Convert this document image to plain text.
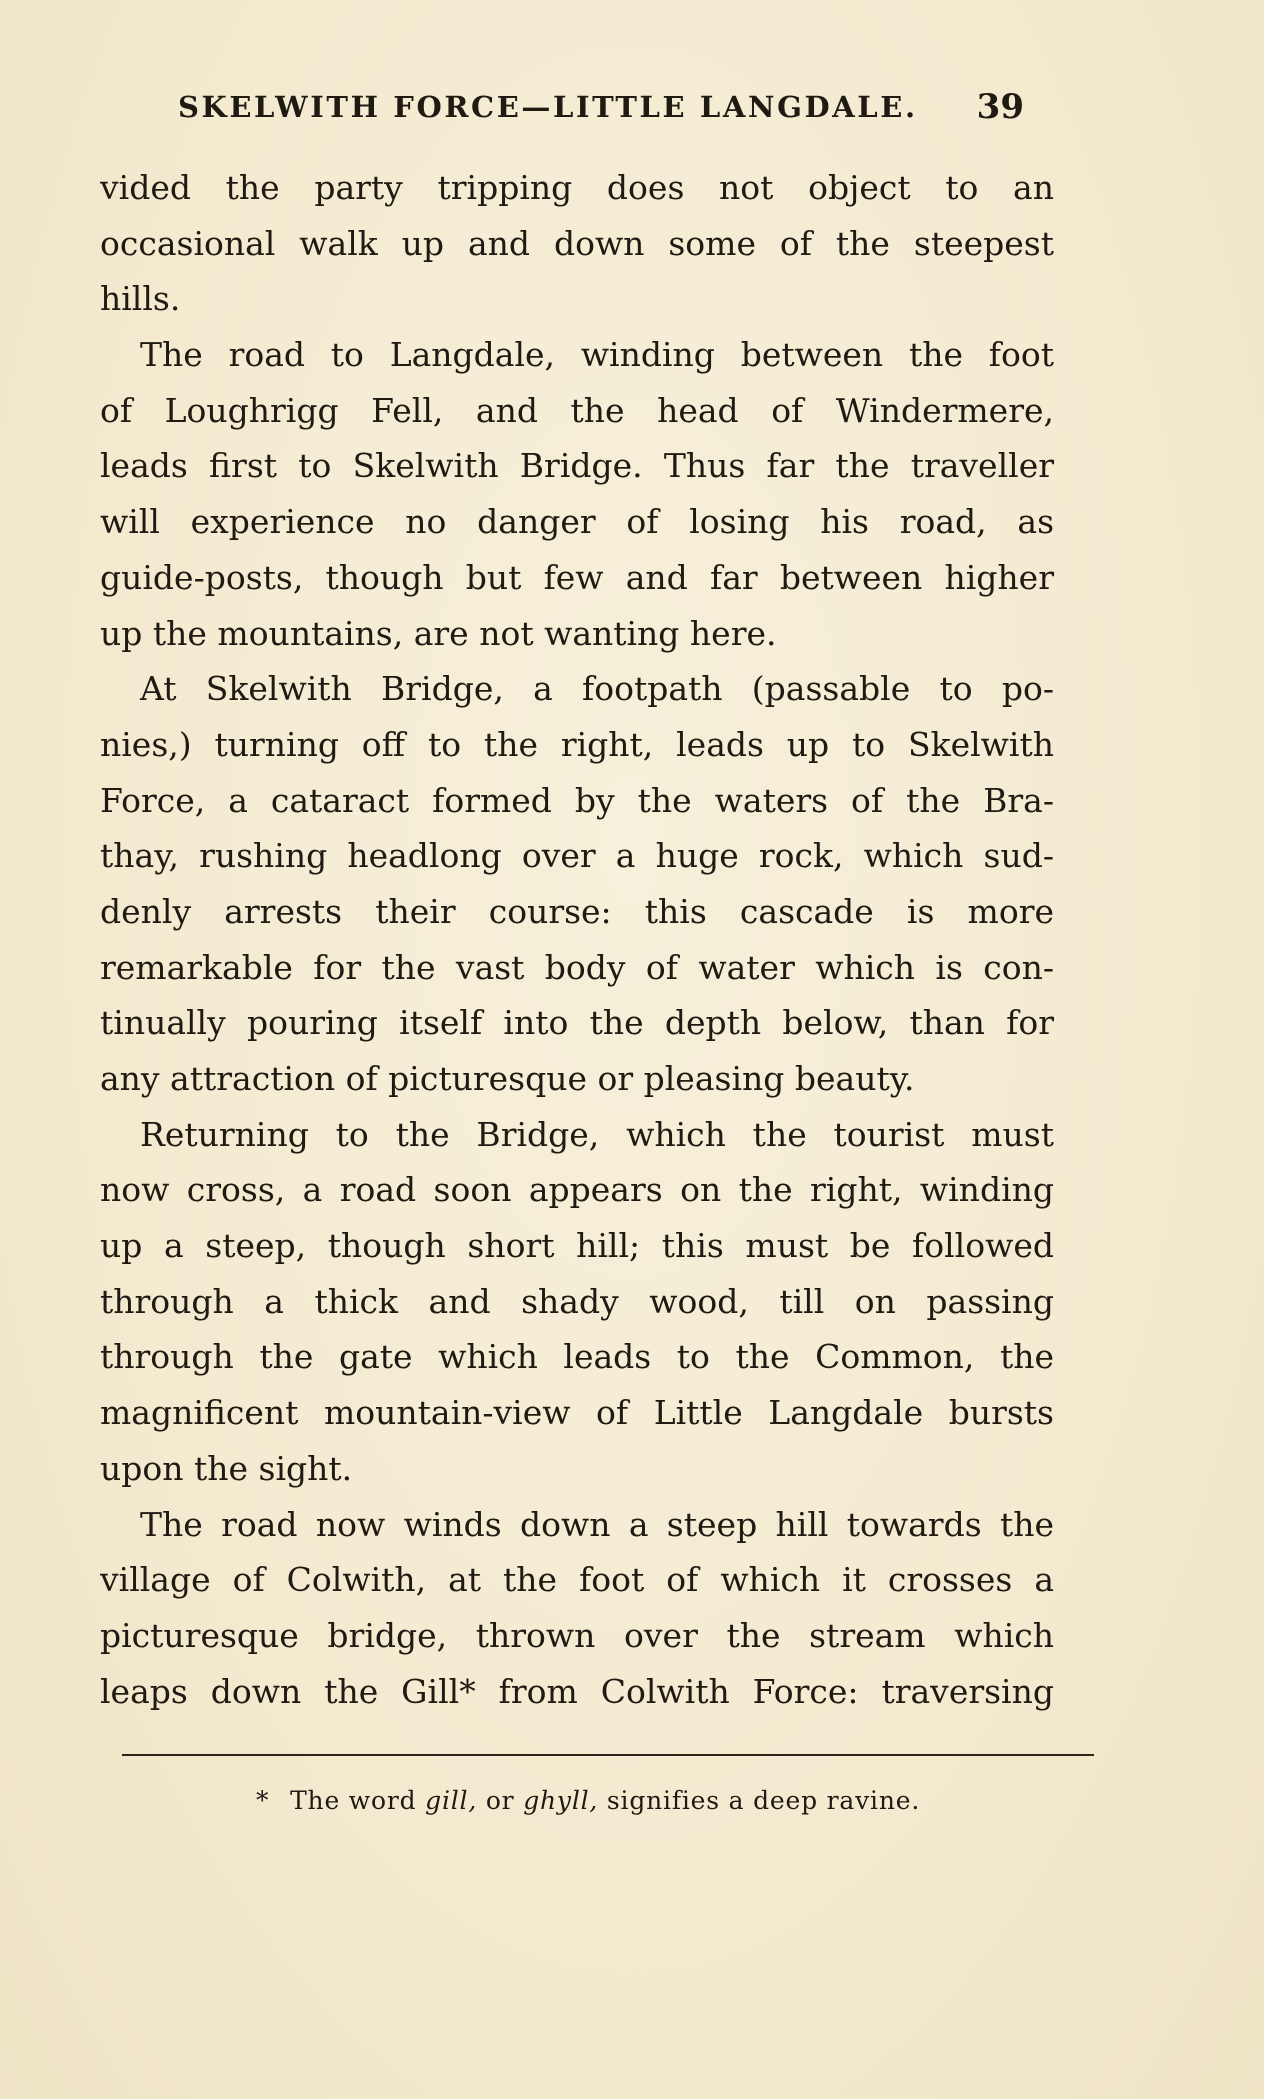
SKELWITH FORCE—LITTLE LANGDALE. 39
vided the party tripping does not object to an
occasional walk up and down some of the steepest
hills.
The road to Langdale, winding between the foot
of Loughrigg Fell, and the head of Windermere,
leads first to Skelwith Bridge. Thus far the traveller
will experience no danger of losing his road, as
guide-posts, though but few and far between higher
up the mountains, are not wanting here.
At Skelwith Bridge, a footpath (passable to po-
nies,) turning off to the right, leads up to Skelwith
Force, a cataract formed by the waters of the Bra-
thay, rushing headlong over a huge rock, which sud-
denly arrests their course: this cascade is more
remarkable for the vast body of water which is con-
tinually pouring itself into the depth below, than for
any attraction of picturesque or pleasing beauty.
Returning to the Bridge, which the tourist must
now cross, a road soon appears on the right, winding
up a steep, though short hill; this must be followed
through a thick and shady wood, till on passing
through the gate which leads to the Common, the
magnificent mountain-view of Little Langdale bursts
upon the sight.
The road now winds down a steep hill towards the
village of Colwith, at the foot of which it crosses a
picturesque bridge, thrown over the stream which
leaps down the Gill* from Colwith Force: traversing
* The word gill, or ghyll, signifies a deep ravine.
